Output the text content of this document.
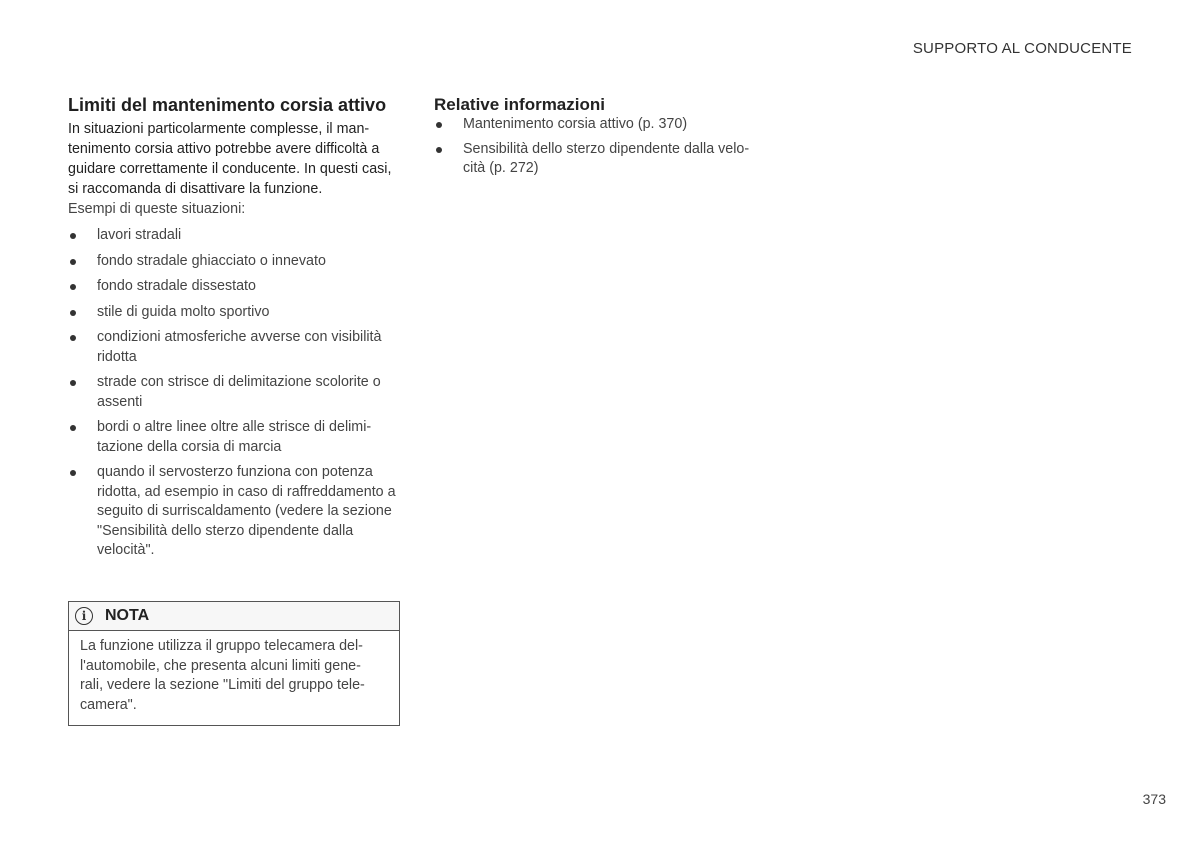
SUPPORTO AL CONDUCENTE
Limiti del mantenimento corsia attivo

In situazioni particolarmente complesse, il man-tenimento corsia attivo potrebbe avere difficoltà a guidare correttamente il conducente. In questi casi, si raccomanda di disattivare la funzione.

Esempi di queste situazioni:

lavori stradali
fondo stradale ghiacciato o innevato
fondo stradale dissestato
stile di guida molto sportivo
condizioni atmosferiche avverse con visibilità ridotta
strade con strisce di delimitazione scolorite o assenti
bordi o altre linee oltre alle strisce di delimi-tazione della corsia di marcia
quando il servosterzo funziona con potenza ridotta, ad esempio in caso di raffreddamento a seguito di surriscaldamento (vedere la sezione "Sensibilità dello sterzo dipendente dalla velocità".
i	NOTA
La funzione utilizza il gruppo telecamera del-l'automobile, che presenta alcuni limiti gene-rali, vedere la sezione "Limiti del gruppo tele-camera".
Relative informazioni
Mantenimento corsia attivo (p. 370)
Sensibilità dello sterzo dipendente dalla velo-cità (p. 272)
373
